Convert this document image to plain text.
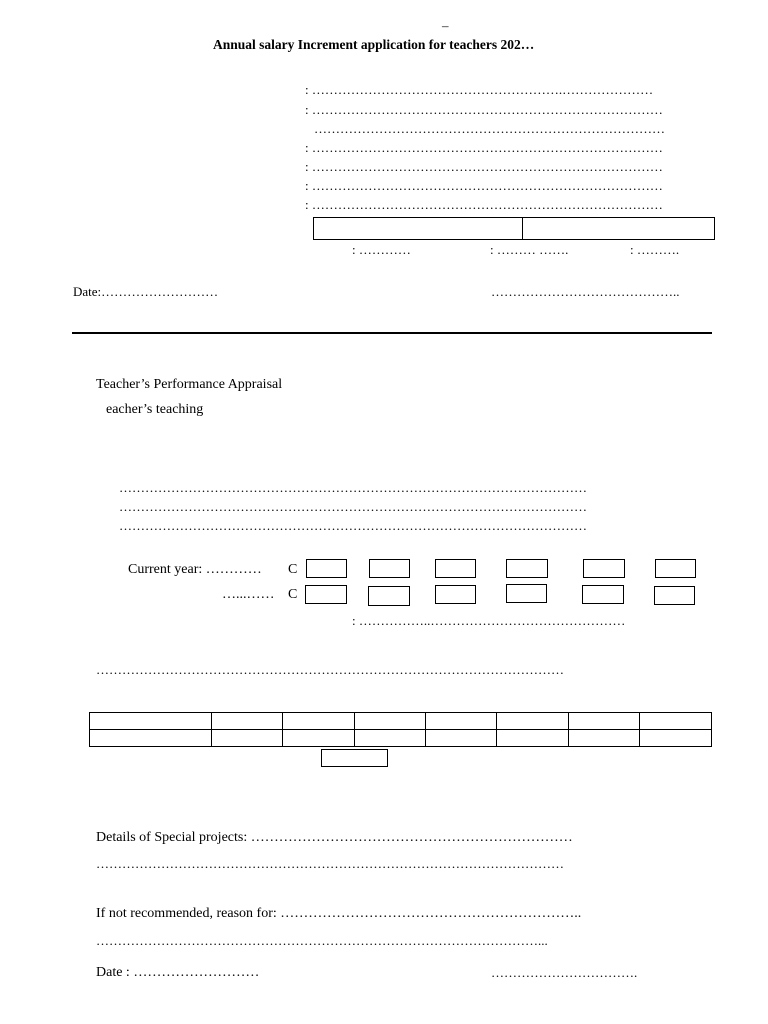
–
Annual salary Increment application for teachers 202…
: ………………………………………………….…………………
: ………………………………………………………………………
………………………………………………………………………
: ………………………………………………………………………
: ………………………………………………………………………
: ………………………………………………………………………
: ………………………………………………………………………
: …………	: ……… …….	: ……….
Date:………………………	……………………………………..
Teacher’s Performance Appraisal
eacher’s teaching
………………………………………………………………………………………………
………………………………………………………………………………………………
………………………………………………………………………………………………
Current year: ………… C
…...…… C
: ……………..………………………………………
………………………………………………………………………………………………

Details of Special projects: ……………………………………………………………
………………………………………………………………………………………………
If not recommended, reason for: ………………………………………………………..
…………………………………………………………………………………………...
Date : ………………………	…………………………….
